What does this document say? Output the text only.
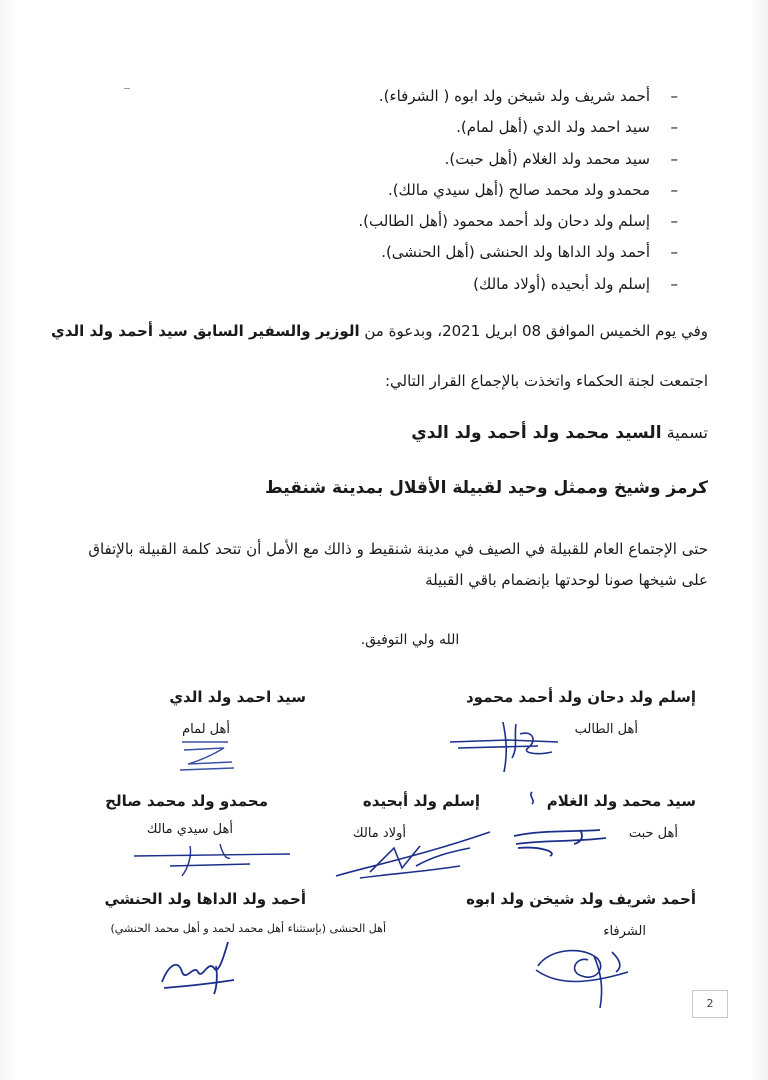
–
أحمد شريف ولد شيخن ولد ابوه ( الشرفاء).
–
سيد احمد ولد الدي (أهل لمام).
–
سيد محمد ولد الغلام (أهل حبت).
–
محمدو ولد محمد صالح (أهل سيدي مالك).
–
إسلم ولد دحان ولد أحمد محمود (أهل الطالب).
–
أحمد ولد الداها ولد الحنشى (أهل الحنشى).
–
إسلم ولد أبحيده (أولاد مالك)
وفي يوم الخميس الموافق 08 ابريل 2021، وبدعوة من الوزير والسفير السابق سيد أحمد ولد الدي
اجتمعت لجنة الحكماء واتخذت بالإجماع القرار التالي:
تسمية السيد محمد ولد أحمد ولد الدي
كرمز وشيخ وممثل وحيد لقبيلة الأقلال بمدينة شنقيط
حتى الإجتماع العام للقبيلة في الصيف في مدينة شنقيط و ذالك مع الأمل أن تتحد كلمة القبيلة بالإتفاق
على شيخها صونا لوحدتها بإنضمام باقي القبيلة
الله ولي التوفيق.
إسلم ولد دحان ولد أحمد محمود
أهل الطالب
سيد احمد ولد الدي
أهل لمام
سيد محمد ولد الغلام
أهل حبت
إسلم ولد أبحيده
أولاد مالك
محمدو ولد محمد صالح
أهل سيدي مالك
أحمد شريف ولد شيخن ولد ابوه
الشرفاء
أحمد ولد الداها ولد الحنشي
أهل الحنشى (بإستثناء أهل محمد لحمد و أهل محمد الحنشي)
2
